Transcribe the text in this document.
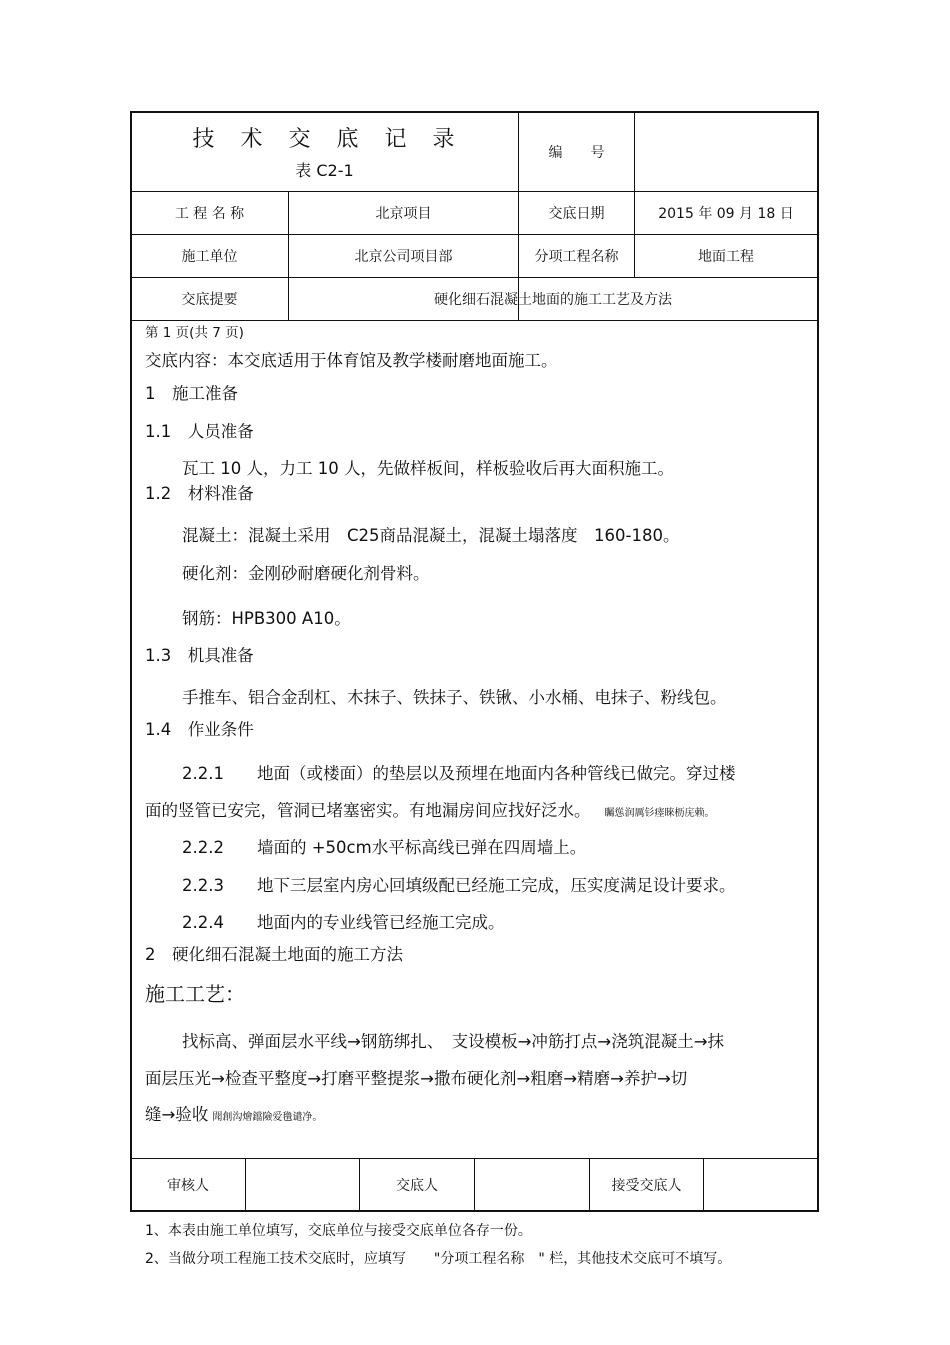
技　术　交　底　记　录
表 C2-1
编　　号
工 程 名 称	北京项目	交底日期	2015 年 09 月 18 日
施工单位	北京公司项目部	分项工程名称	地面工程
交底提要	硬化细石混凝土地面的施工工艺及方法
第 1 页(共 7 页)
交底内容：本交底适用于体育馆及教学楼耐磨地面施工。
1　施工准备
1.1　人员准备
瓦工 10 人，力工 10 人，先做样板间，样板验收后再大面积施工。
1.2　材料准备
混凝土：混凝土采用　C25商品混凝土，混凝土塌落度　160-180。
硬化剂：金刚砂耐磨硬化剂骨料。
钢筋：HPB300 A10。
1.3　机具准备
手推车、铝合金刮杠、木抹子、铁抹子、铁锹、小水桶、电抹子、粉线包。
1.4　作业条件
2.2.1　　地面（或楼面）的垫层以及预埋在地面内各种管线已做完。穿过楼
面的竖管已安完，管洞已堵塞密实。有地漏房间应找好泛水。 矚慫润厲钐瘗睞枥庑赖。
2.2.2　　墙面的 +50cm水平标高线已弹在四周墙上。
2.2.3　　地下三层室内房心回填级配已经施工完成，压实度满足设计要求。
2.2.4　　地面内的专业线管已经施工完成。
2　硬化细石混凝土地面的施工方法
施工工艺：
找标高、弹面层水平线→钢筋绑扎、　支设模板→冲筋打点→浇筑混凝土→抹
面层压光→检查平整度→打磨平整提浆→撒布硬化剂→粗磨→精磨→养护→切
缝→验收 聞創沟燴鐺險爱氇谴净。
审核人	交底人	接受交底人
1、本表由施工单位填写，交底单位与接受交底单位各存一份。
2、当做分项工程施工技术交底时，应填写　　"分项工程名称　" 栏，其他技术交底可不填写。
